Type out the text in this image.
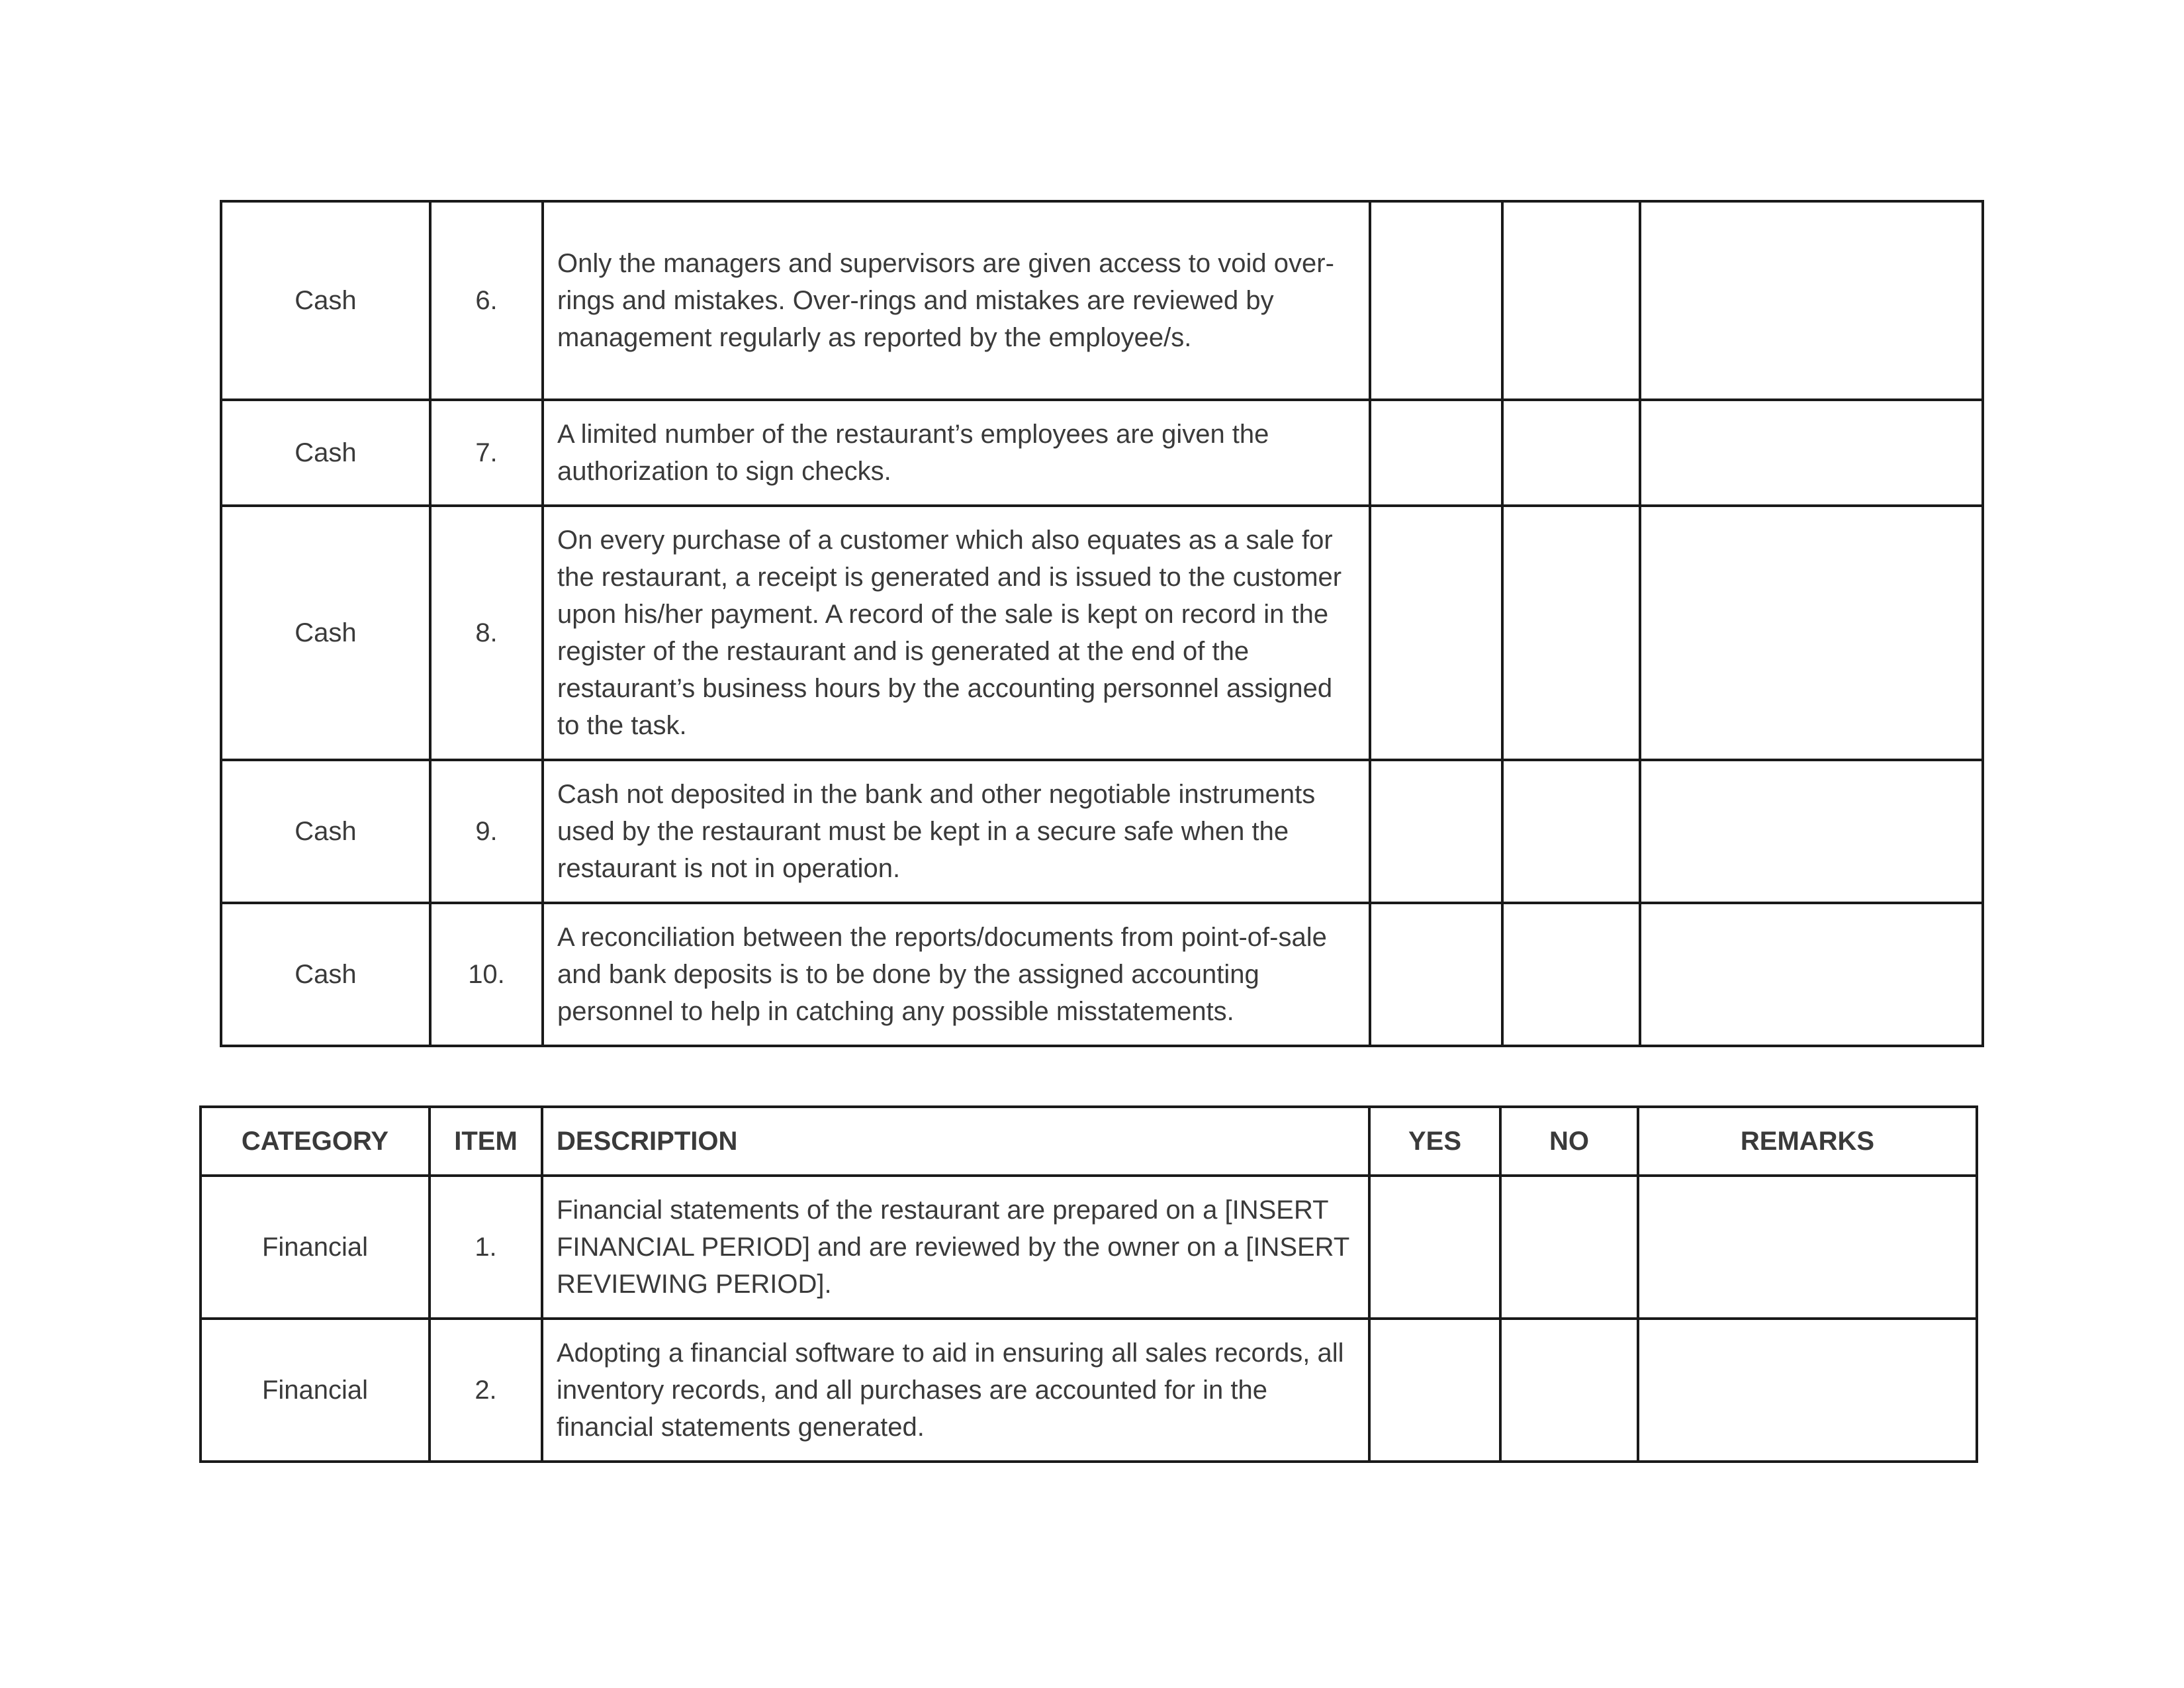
Cash	6.	Only the managers and supervisors are given access to void over-rings and mistakes. Over-rings and mistakes are reviewed by management regularly as reported by the employee/s.			
Cash	7.	A limited number of the restaurant’s employees are given the authorization to sign checks.			
Cash	8.	On every purchase of a customer which also equates as a sale for the restaurant, a receipt is generated and is issued to the customer upon his/her payment. A record of the sale is kept on record in the register of the restaurant and is generated at the end of the restaurant’s business hours by the accounting personnel assigned to the task.			
Cash	9.	Cash not deposited in the bank and other negotiable instruments used by the restaurant must be kept in a secure safe when the restaurant is not in operation.			
Cash	10.	A reconciliation between the reports/documents from point-of-sale and bank deposits is to be done by the assigned accounting personnel to help in catching any possible misstatements.			
CATEGORY	ITEM	DESCRIPTION	YES	NO	REMARKS
Financial	1.	Financial statements of the restaurant are prepared on a [INSERT FINANCIAL PERIOD] and are reviewed by the owner on a [INSERT REVIEWING PERIOD].			
Financial	2.	Adopting a financial software to aid in ensuring all sales records, all inventory records, and all purchases are accounted for in the financial statements generated.			
